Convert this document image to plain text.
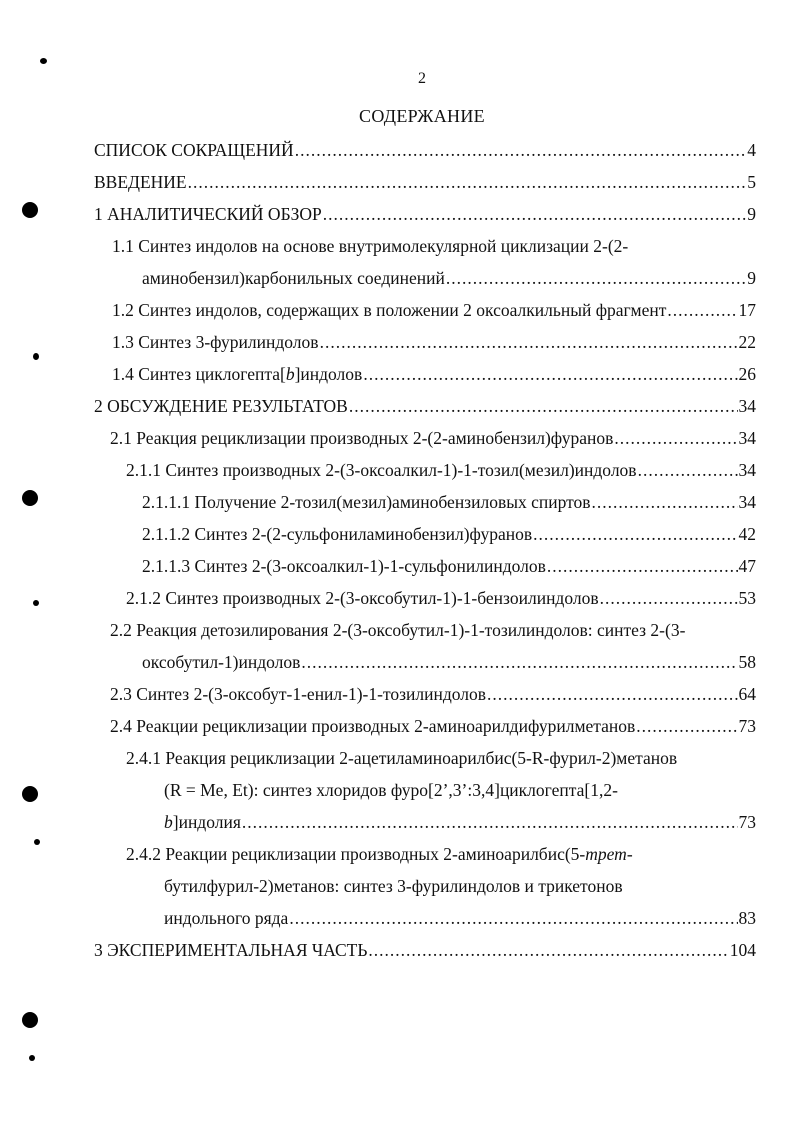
2
СОДЕРЖАНИЕ
СПИСОК СОКРАЩЕНИЙ .....	4
ВВЕДЕНИЕ .....	5
1 АНАЛИТИЧЕСКИЙ ОБЗОР .....	9
1.1 Синтез индолов на основе внутримолекулярной циклизации 2-(2-
аминобензил)карбонильных соединений .....	9
1.2 Синтез индолов, содержащих в положении 2 оксоалкильный фрагмент .....	17
1.3 Синтез 3-фурилиндолов .....	22
1.4 Синтез циклогепта[b]индолов .....	26
2 ОБСУЖДЕНИЕ РЕЗУЛЬТАТОВ .....	34
2.1 Реакция рециклизации производных 2-(2-аминобензил)фуранов .....	34
2.1.1 Синтез производных 2-(3-оксоалкил-1)-1-тозил(мезил)индолов .....	34
2.1.1.1 Получение 2-тозил(мезил)аминобензиловых спиртов .....	34
2.1.1.2 Синтез 2-(2-сульфониламинобензил)фуранов .....	42
2.1.1.3 Синтез 2-(3-оксоалкил-1)-1-сульфонилиндолов .....	47
2.1.2 Синтез производных 2-(3-оксобутил-1)-1-бензоилиндолов .....	53
2.2 Реакция детозилирования 2-(3-оксобутил-1)-1-тозилиндолов: синтез 2-(3-
оксобутил-1)индолов .....	58
2.3 Синтез 2-(3-оксобут-1-енил-1)-1-тозилиндолов .....	64
2.4 Реакции рециклизации производных 2-аминоарилдифурилметанов .....	73
2.4.1 Реакция рециклизации 2-ацетиламиноарилбис(5-R-фурил-2)метанов
(R = Me, Et): синтез хлоридов фуро[2’,3’:3,4]циклогепта[1,2-
b]индолия .....	73
2.4.2 Реакции рециклизации производных 2-аминоарилбис(5-трет-
бутилфурил-2)метанов: синтез 3-фурилиндолов и трикетонов
индольного ряда .....	83
3 ЭКСПЕРИМЕНТАЛЬНАЯ ЧАСТЬ .....	104
